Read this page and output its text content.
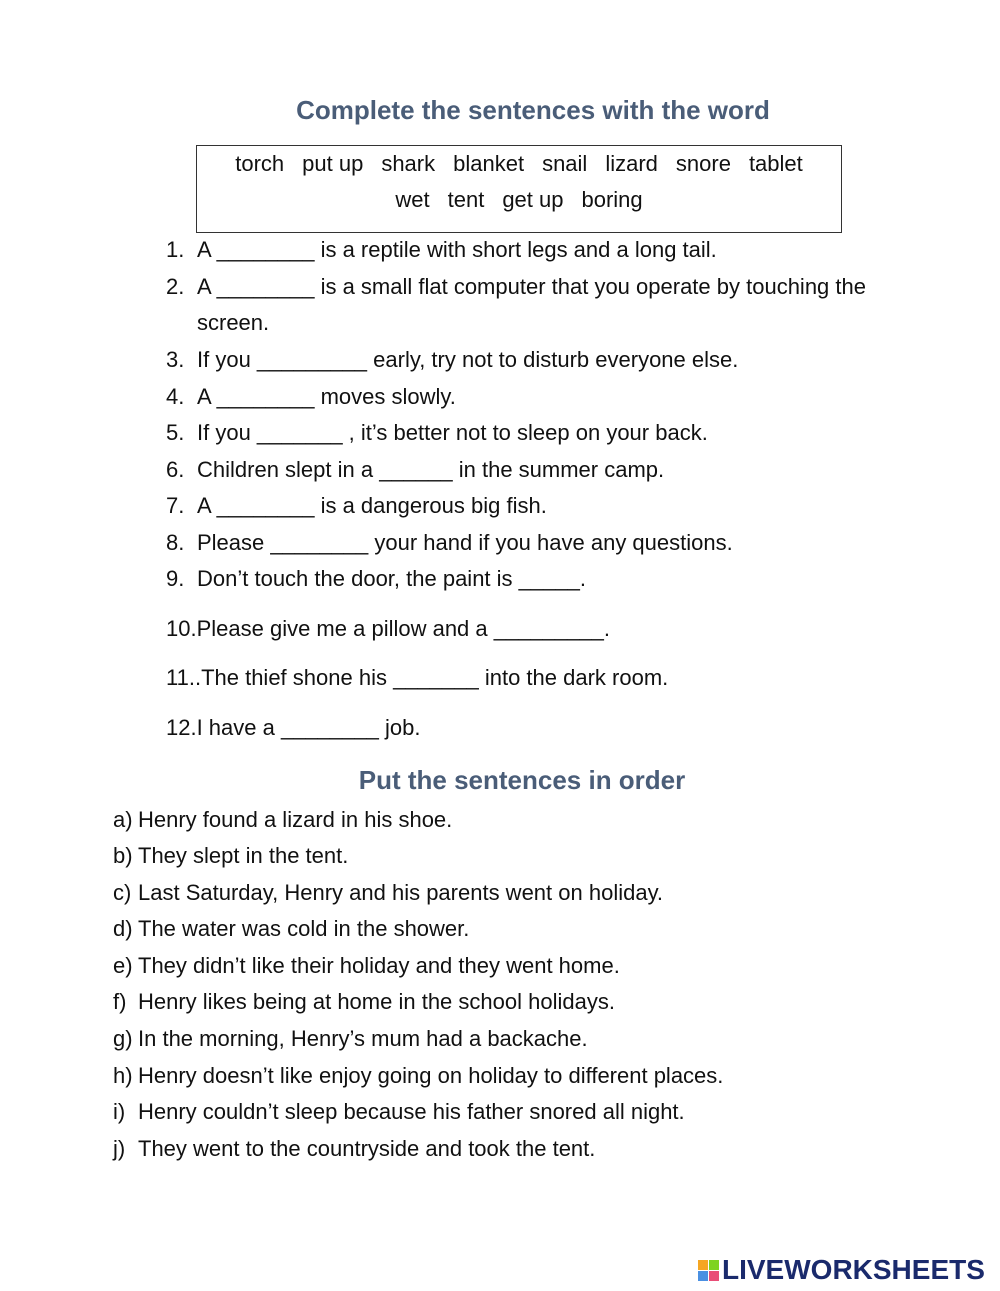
Complete the sentences with the word
torch put up shark blanket snail lizard snore tablet
wet tent get up boring
1. A ________ is a reptile with short legs and a long tail.
2. A ________ is a small flat computer that you operate by touching the
screen.
3. If you _________ early, try not to disturb everyone else.
4. A ________ moves slowly.
5. If you _______ , it’s better not to sleep on your back.
6. Children slept in a ______ in the summer camp.
7. A ________ is a dangerous big fish.
8. Please ________ your hand if you have any questions.
9. Don’t touch the door, the paint is _____.
10.Please give me a pillow and a _________.
11..The thief shone his _______ into the dark room.
12.I have a ________ job.
Put the sentences in order
a) Henry found a lizard in his shoe.
b) They slept in the tent.
c) Last Saturday, Henry and his parents went on holiday.
d) The water was cold in the shower.
e) They didn’t like their holiday and they went home.
f) Henry likes being at home in the school holidays.
g) In the morning, Henry’s mum had a backache.
h) Henry doesn’t like enjoy going on holiday to different places.
i) Henry couldn’t sleep because his father snored all night.
j) They went to the countryside and took the tent.
LIVEWORKSHEETS
